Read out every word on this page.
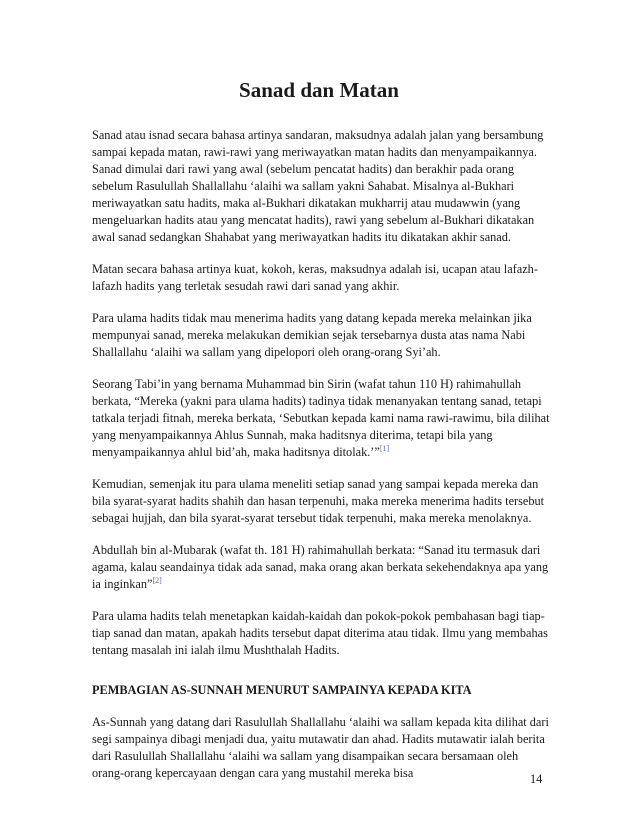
Sanad dan Matan

Sanad atau isnad secara bahasa artinya sandaran, maksudnya adalah jalan yang bersambung sampai kepada matan, rawi-rawi yang meriwayatkan matan hadits dan menyampaikannya. Sanad dimulai dari rawi yang awal (sebelum pencatat hadits) dan berakhir pada orang sebelum Rasulullah Shallallahu ‘alaihi wa sallam yakni Sahabat. Misalnya al-Bukhari meriwayatkan satu hadits, maka al-Bukhari dikatakan mukharrij atau mudawwin (yang mengeluarkan hadits atau yang mencatat hadits), rawi yang sebelum al-Bukhari dikatakan awal sanad sedangkan Shahabat yang meriwayatkan hadits itu dikatakan akhir sanad.

Matan secara bahasa artinya kuat, kokoh, keras, maksudnya adalah isi, ucapan atau lafazh-lafazh hadits yang terletak sesudah rawi dari sanad yang akhir.

Para ulama hadits tidak mau menerima hadits yang datang kepada mereka melainkan jika mempunyai sanad, mereka melakukan demikian sejak tersebarnya dusta atas nama Nabi Shallallahu ‘alaihi wa sallam yang dipelopori oleh orang-orang Syi’ah.

Seorang Tabi’in yang bernama Muhammad bin Sirin (wafat tahun 110 H) rahimahullah berkata, “Mereka (yakni para ulama hadits) tadinya tidak menanyakan tentang sanad, tetapi tatkala terjadi fitnah, mereka berkata, ‘Sebutkan kepada kami nama rawi-rawimu, bila dilihat yang menyampaikannya Ahlus Sunnah, maka haditsnya diterima, tetapi bila yang menyampaikannya ahlul bid’ah, maka haditsnya ditolak.’”[1]

Kemudian, semenjak itu para ulama meneliti setiap sanad yang sampai kepada mereka dan bila syarat-syarat hadits shahih dan hasan terpenuhi, maka mereka menerima hadits tersebut sebagai hujjah, dan bila syarat-syarat tersebut tidak terpenuhi, maka mereka menolaknya.

Abdullah bin al-Mubarak (wafat th. 181 H) rahimahullah berkata: “Sanad itu termasuk dari agama, kalau seandainya tidak ada sanad, maka orang akan berkata sekehendaknya apa yang ia inginkan”[2]

Para ulama hadits telah menetapkan kaidah-kaidah dan pokok-pokok pembahasan bagi tiap-tiap sanad dan matan, apakah hadits tersebut dapat diterima atau tidak. Ilmu yang membahas tentang masalah ini ialah ilmu Mushthalah Hadits.

PEMBAGIAN AS-SUNNAH MENURUT SAMPAINYA KEPADA KITA

As-Sunnah yang datang dari Rasulullah Shallallahu ‘alaihi wa sallam kepada kita dilihat dari segi sampainya dibagi menjadi dua, yaitu mutawatir dan ahad. Hadits mutawatir ialah berita dari Rasulullah Shallallahu ‘alaihi wa sallam yang disampaikan secara bersamaan oleh orang-orang kepercayaan dengan cara yang mustahil mereka bisa	14
